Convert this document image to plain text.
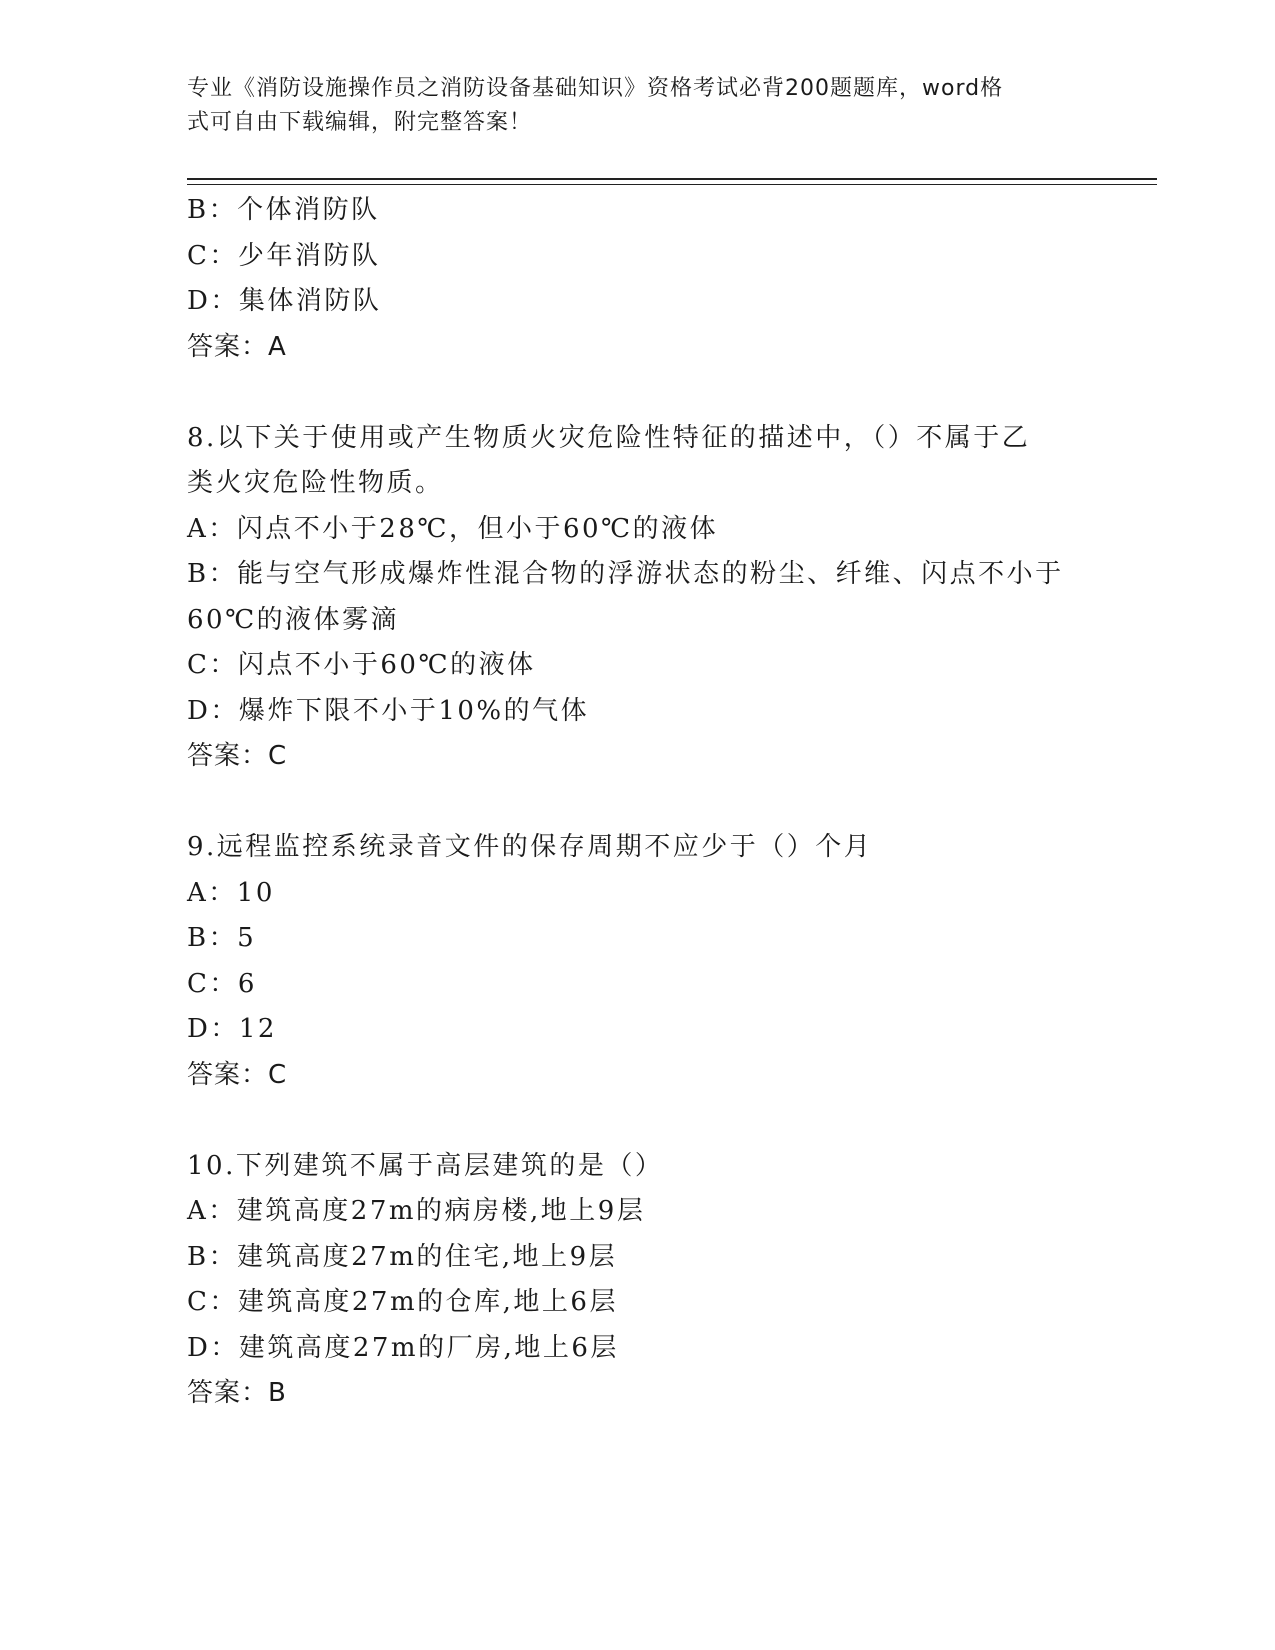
专业《消防设施操作员之消防设备基础知识》资格考试必背200题题库，word格
式可自由下载编辑，附完整答案！
B：个体消防队
C：少年消防队
D：集体消防队
答案：A
8.以下关于使用或产生物质火灾危险性特征的描述中，（）不属于乙
类火灾危险性物质。
A：闪点不小于28℃，但小于60℃的液体
B：能与空气形成爆炸性混合物的浮游状态的粉尘、纤维、闪点不小于
60℃的液体雾滴
C：闪点不小于60℃的液体
D：爆炸下限不小于10%的气体
答案：C
9.远程监控系统录音文件的保存周期不应少于（）个月
A：10
B：5
C：6
D：12
答案：C
10.下列建筑不属于高层建筑的是（）
A：建筑高度27m的病房楼,地上9层
B：建筑高度27m的住宅,地上9层
C：建筑高度27m的仓库,地上6层
D：建筑高度27m的厂房,地上6层
答案：B
